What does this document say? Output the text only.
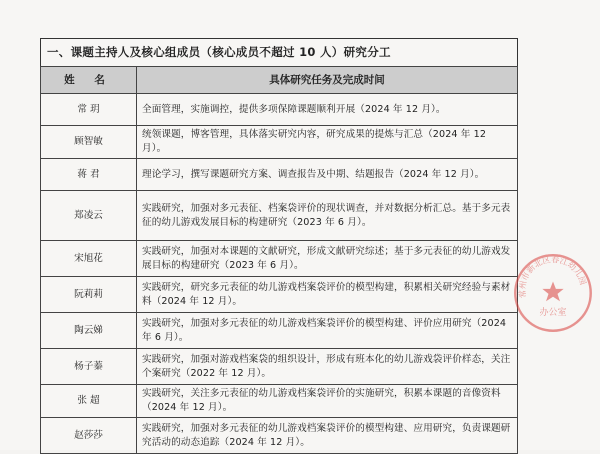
一、课题主持人及核心组成员（核心成员不超过 10 人）研究分工
姓 名	具体研究任务及完成时间
常 玥	全面管理，实施调控，提供多项保障课题顺利开展（2024 年 12 月）。
顾智敏	统领课题，博客管理，具体落实研究内容，研究成果的提炼与汇总（2024 年 12 月）。
蒋 君	理论学习，撰写课题研究方案、调查报告及中期、结题报告（2024 年 12 月）。
郑凌云	实践研究，加强对多元表征、档案袋评价的现状调查，并对数据分析汇总。基于多元表征的幼儿游戏发展目标的构建研究（2023 年 6 月）。
宋旭花	实践研究，加强对本课题的文献研究，形成文献研究综述；基于多元表征的幼儿游戏发展目标的构建研究（2023 年 6 月）。
阮莉莉	实践研究，研究多元表征的幼儿游戏档案袋评价的模型构建，积累相关研究经验与素材料（2024 年 12 月）。
陶云娣	实践研究，加强对多元表征的幼儿游戏档案袋评价的模型构建、评价应用研究（2024 年 6 月）。
杨子蓁	实践研究，加强对游戏档案袋的组织设计，形成有班本化的幼儿游戏袋评价样态，关注个案研究（2022 年 12 月）。
张 超	实践研究，关注多元表征的幼儿游戏档案袋评价的实施研究，积累本课题的音像资料（2024 年 12 月）。
赵莎莎	实践研究，加强对多元表征的幼儿游戏档案袋评价的模型构建、应用研究，负责课题研究活动的动态追踪（2024 年 12 月）。
常州市新北区春江幼儿园
办公室
